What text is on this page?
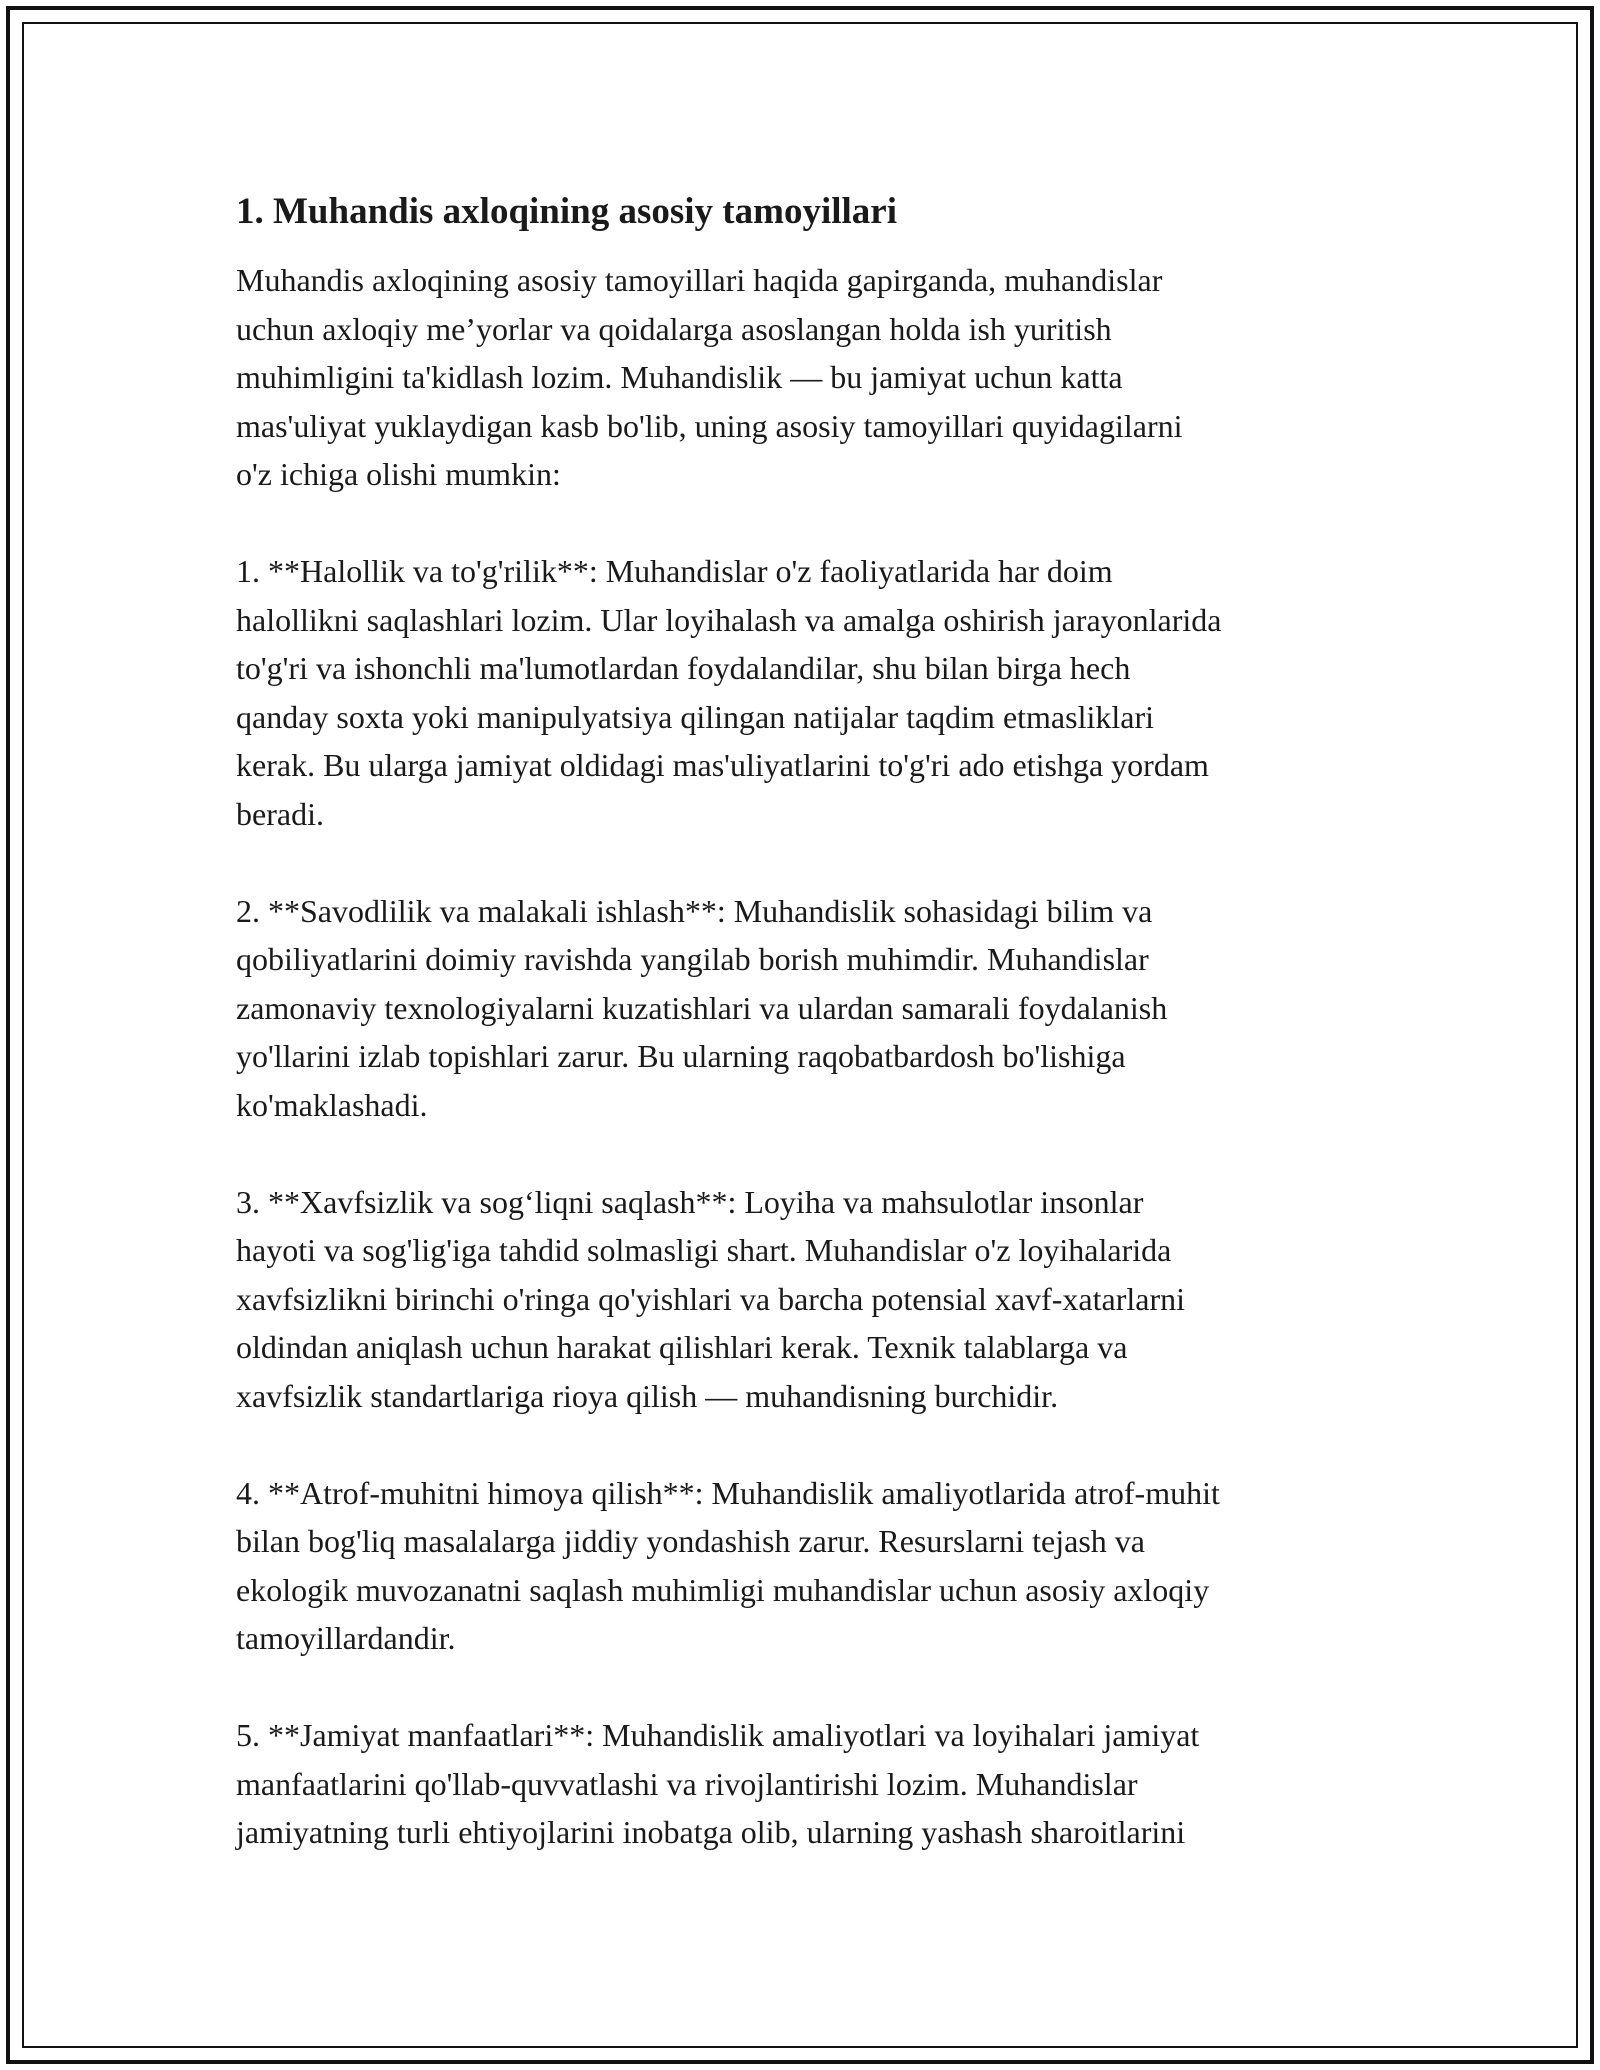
1. Muhandis axloqining asosiy tamoyillari

Muhandis axloqining asosiy tamoyillari haqida gapirganda, muhandislar
uchun axloqiy me’yorlar va qoidalarga asoslangan holda ish yuritish
muhimligini ta'kidlash lozim. Muhandislik — bu jamiyat uchun katta
mas'uliyat yuklaydigan kasb bo'lib, uning asosiy tamoyillari quyidagilarni
o'z ichiga olishi mumkin:

1. **Halollik va to'g'rilik**: Muhandislar o'z faoliyatlarida har doim
halollikni saqlashlari lozim. Ular loyihalash va amalga oshirish jarayonlarida
to'g'ri va ishonchli ma'lumotlardan foydalandilar, shu bilan birga hech
qanday soxta yoki manipulyatsiya qilingan natijalar taqdim etmasliklari
kerak. Bu ularga jamiyat oldidagi mas'uliyatlarini to'g'ri ado etishga yordam
beradi.

2. **Savodlilik va malakali ishlash**: Muhandislik sohasidagi bilim va
qobiliyatlarini doimiy ravishda yangilab borish muhimdir. Muhandislar
zamonaviy texnologiyalarni kuzatishlari va ulardan samarali foydalanish
yo'llarini izlab topishlari zarur. Bu ularning raqobatbardosh bo'lishiga
ko'maklashadi.

3. **Xavfsizlik va sog‘liqni saqlash**: Loyiha va mahsulotlar insonlar
hayoti va sog'lig'iga tahdid solmasligi shart. Muhandislar o'z loyihalarida
xavfsizlikni birinchi o'ringa qo'yishlari va barcha potensial xavf-xatarlarni
oldindan aniqlash uchun harakat qilishlari kerak. Texnik talablarga va
xavfsizlik standartlariga rioya qilish — muhandisning burchidir.

4. **Atrof-muhitni himoya qilish**: Muhandislik amaliyotlarida atrof-muhit
bilan bog'liq masalalarga jiddiy yondashish zarur. Resurslarni tejash va
ekologik muvozanatni saqlash muhimligi muhandislar uchun asosiy axloqiy
tamoyillardandir.

5. **Jamiyat manfaatlari**: Muhandislik amaliyotlari va loyihalari jamiyat
manfaatlarini qo'llab-quvvatlashi va rivojlantirishi lozim. Muhandislar
jamiyatning turli ehtiyojlarini inobatga olib, ularning yashash sharoitlarini
